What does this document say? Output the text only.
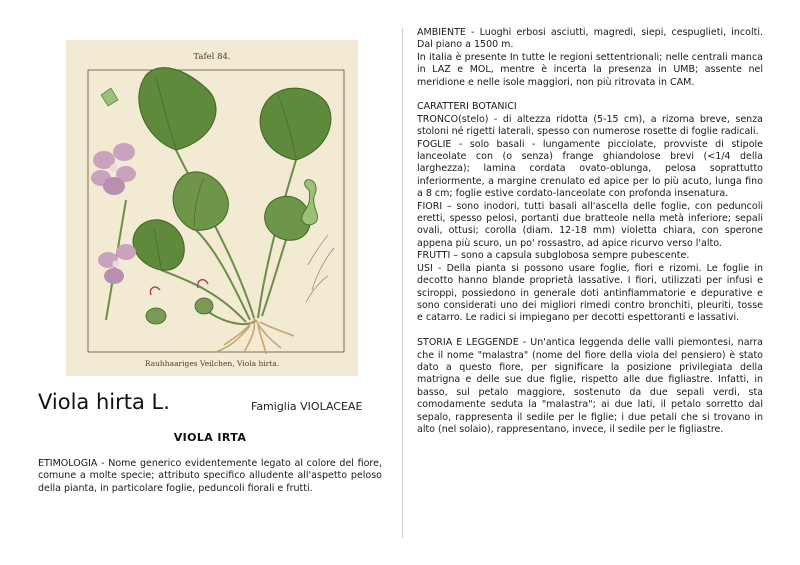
Tafel 84.
Rauhhaariges Veilchen, Viola hirta.
Viola hirta L.	Famiglia VIOLACEAE
VIOLA IRTA
ETIMOLOGIA - Nome generico evidentemente legato al colore del fiore, comune a molte specie; attributo specifico alludente all'aspetto peloso della pianta, in particolare foglie, peduncoli fiorali e frutti.

AMBIENTE - Luoghi erbosi asciutti, magredi, siepi, cespuglieti, incolti. Dal piano a 1500 m.

In italia è presente In tutte le regioni settentrionali; nelle centrali manca in LAZ e MOL, mentre è incerta la presenza in UMB; assente nel meridione e nelle isole maggiori, non più ritrovata in CAM.

CARATTERI BOTANICI

TRONCO(stelo) - di altezza ridotta (5-15 cm), a rizoma breve, senza stoloni né rigetti laterali, spesso con numerose rosette di foglie radicali.

FOGLIE - solo basali - lungamente picciolate, provviste di stipole lanceolate con (o senza) frange ghiandolose brevi (<1/4 della larghezza); lamina cordata ovato-oblunga, pelosa soprattutto inferiormente, a margine crenulato ed apice per lo più acuto, lunga fino a 8 cm; foglie estive cordato-lanceolate con profonda insenatura.

FIORI – sono inodori, tutti basali all'ascella delle foglie, con peduncoli eretti, spesso pelosi, portanti due bratteole nella metà inferiore; sepali ovali, ottusi; corolla (diam. 12-18 mm) violetta chiara, con sperone appena più scuro, un po' rossastro, ad apice ricurvo verso l'alto.

FRUTTI – sono a capsula subglobosa sempre pubescente.

USI - Della pianta si possono usare foglie, fiori e rizomi. Le foglie in decotto hanno blande proprietà lassative. I fiori, utilizzati per infusi e sciroppi, possiedono in generale doti antinfiammatorie e depurative e sono considerati uno dei migliori rimedi contro bronchiti, pleuriti, tosse e catarro. Le radici si impiegano per decotti espettoranti e lassativi.

STORIA E LEGGENDE - Un'antica leggenda delle valli piemontesi, narra che il nome "malastra" (nome del fiore della viola del pensiero) è stato dato a questo fiore, per significare la posizione privilegiata della matrigna e delle sue due figlie, rispetto alle due figliastre. Infatti, in basso, sul petalo maggiore, sostenuto da due sepali verdi, sta comodamente seduta la "malastra"; ai due lati, il petalo sorretto dal sepalo, rappresenta il sedile per le figlie; i due petali che si trovano in alto (nel solaio), rappresentano, invece, il sedile per le figliastre.
